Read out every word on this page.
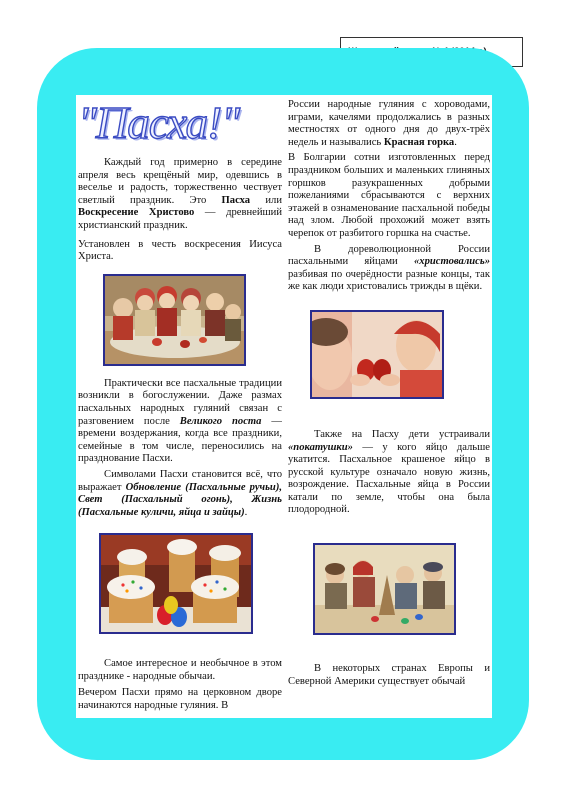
"Пасха!"

Каждый год примерно в середине апреля весь крещёный мир, одевшись в веселье и радость, торжественно чествует светлый праздник. Это Пасха или Воскресение Христово — древнейший христианский праздник.

Установлен в честь воскресения Иисуса Христа.

Практически все пасхальные традиции возникли в богослужении. Даже размах пасхальных народных гуляний связан с разговением после Великого поста — времени воздержания, когда все праздники, семейные в том числе, переносились на празднование Пасхи.

Символами Пасхи становится всё, что выражает Обновление (Пасхальные ручьи), Свет (Пасхальный огонь), Жизнь (Пасхальные куличи, яйца и зайцы).

Самое интересное и необычное в этом празднике - народные обычаи.

Вечером Пасхи прямо на церковном дворе начинаются народные гуляния. В

России народные гуляния с хороводами, играми, качелями продолжались в разных местностях от одного дня до двух-трёх недель и назывались Красная горка.

В Болгарии сотни изготовленных перед праздником больших и маленьких глиняных горшков разукрашенных добрыми пожеланиями сбрасываются с верхних этажей в ознаменование пасхальной победы над злом. Любой прохожий может взять черепок от разбитого горшка на счастье.

В дореволюционной России пасхальными яйцами «христовались» разбивая по очерёдности разные концы, так же как люди христовались трижды в щёки.

Также на Пасху дети устраивали «покатушки» — у кого яйцо дальше укатится. Пасхальное крашеное яйцо в русской культуре означало новую жизнь, возрождение. Пасхальные яйца в России катали по земле, чтобы она была плодородной.

В некоторых странах Европы и Северной Америки существует обычай
